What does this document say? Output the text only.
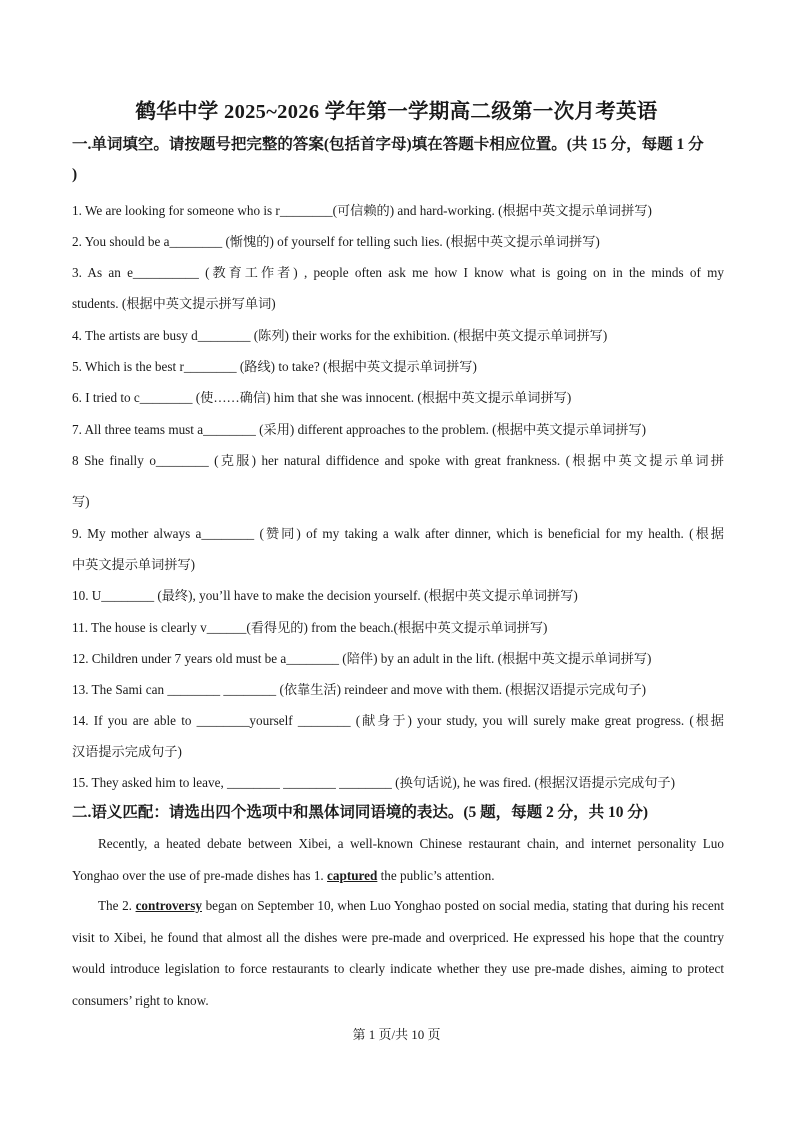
鹤华中学 2025~2026 学年第一学期高二级第一次月考英语
一.单词填空。请按题号把完整的答案(包括首字母)填在答题卡相应位置。(共 15 分，每题 1 分
)
1. We are looking for someone who is r________(可信赖的) and hard-working. (根据中英文提示单词拼写)
2. You should be a________ (惭愧的) of yourself for telling such lies. (根据中英文提示单词拼写)
3. As an e__________ (教育工作者) , people often ask me how I know what is going on in the minds of my
students. (根据中英文提示拼写单词)
4. The artists are busy d________ (陈列) their works for the exhibition. (根据中英文提示单词拼写)
5. Which is the best r________ (路线) to take? (根据中英文提示单词拼写)
6. I tried to c________ (使……确信) him that she was innocent. (根据中英文提示单词拼写)
7. All three teams must a________ (采用) different approaches to the problem. (根据中英文提示单词拼写)
8 She finally o________ (克服) her natural diffidence and spoke with great frankness. (根据中英文提示单词拼
写)
9. My mother always a________ (赞同) of my taking a walk after dinner, which is beneficial for my health. (根据
中英文提示单词拼写)
10. U________ (最终), you’ll have to make the decision yourself. (根据中英文提示单词拼写)
11. The house is clearly v______(看得见的) from the beach.(根据中英文提示单词拼写)
12. Children under 7 years old must be a________ (陪伴) by an adult in the lift. (根据中英文提示单词拼写)
13. The Sami can ________ ________ (依靠生活) reindeer and move with them. (根据汉语提示完成句子)
14. If you are able to ________yourself ________ (献身于) your study, you will surely make great progress. (根据
汉语提示完成句子)
15. They asked him to leave, ________ ________ ________ (换句话说), he was fired. (根据汉语提示完成句子)
二.语义匹配：请选出四个选项中和黑体词同语境的表达。(5 题，每题 2 分，共 10 分)
Recently, a heated debate between Xibei, a well-known Chinese restaurant chain, and internet personality Luo Yonghao over the use of pre-made dishes has 1. captured the public’s attention.
The 2. controversy began on September 10, when Luo Yonghao posted on social media, stating that during his recent visit to Xibei, he found that almost all the dishes were pre-made and overpriced. He expressed his hope that the country would introduce legislation to force restaurants to clearly indicate whether they use pre-made dishes, aiming to protect consumers’ right to know.
第 1 页/共 10 页
